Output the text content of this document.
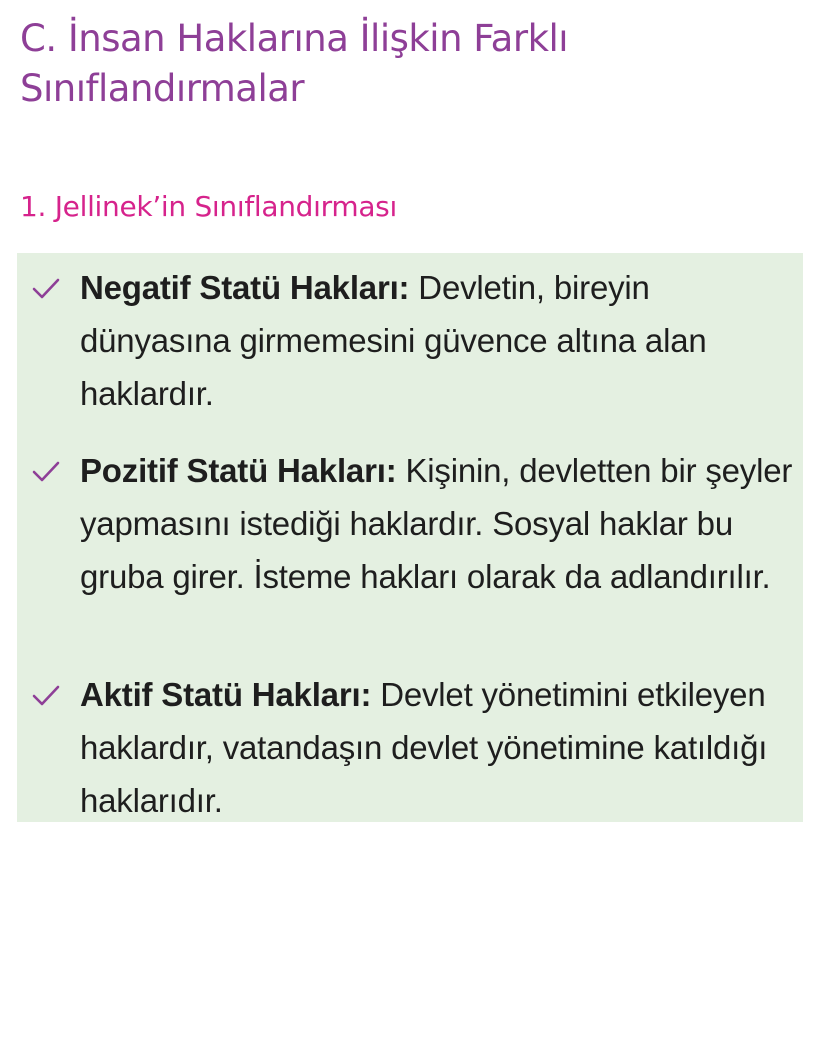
C. İnsan Haklarına İlişkin Farklı
Sınıflandırmalar
1. Jellinek’in Sınıflandırması

Negatif Statü Hakları: Devletin, bireyin dünyasına girmemesini güvence altına alan haklardır.

Pozitif Statü Hakları: Kişinin, devletten bir şeyler yapmasını istediği haklardır. Sosyal haklar bu gruba girer. İsteme hakları olarak da adlandırılır.

Aktif Statü Hakları: Devlet yönetimini etkileyen haklardır, vatandaşın devlet yönetimine katıldığı haklarıdır.
